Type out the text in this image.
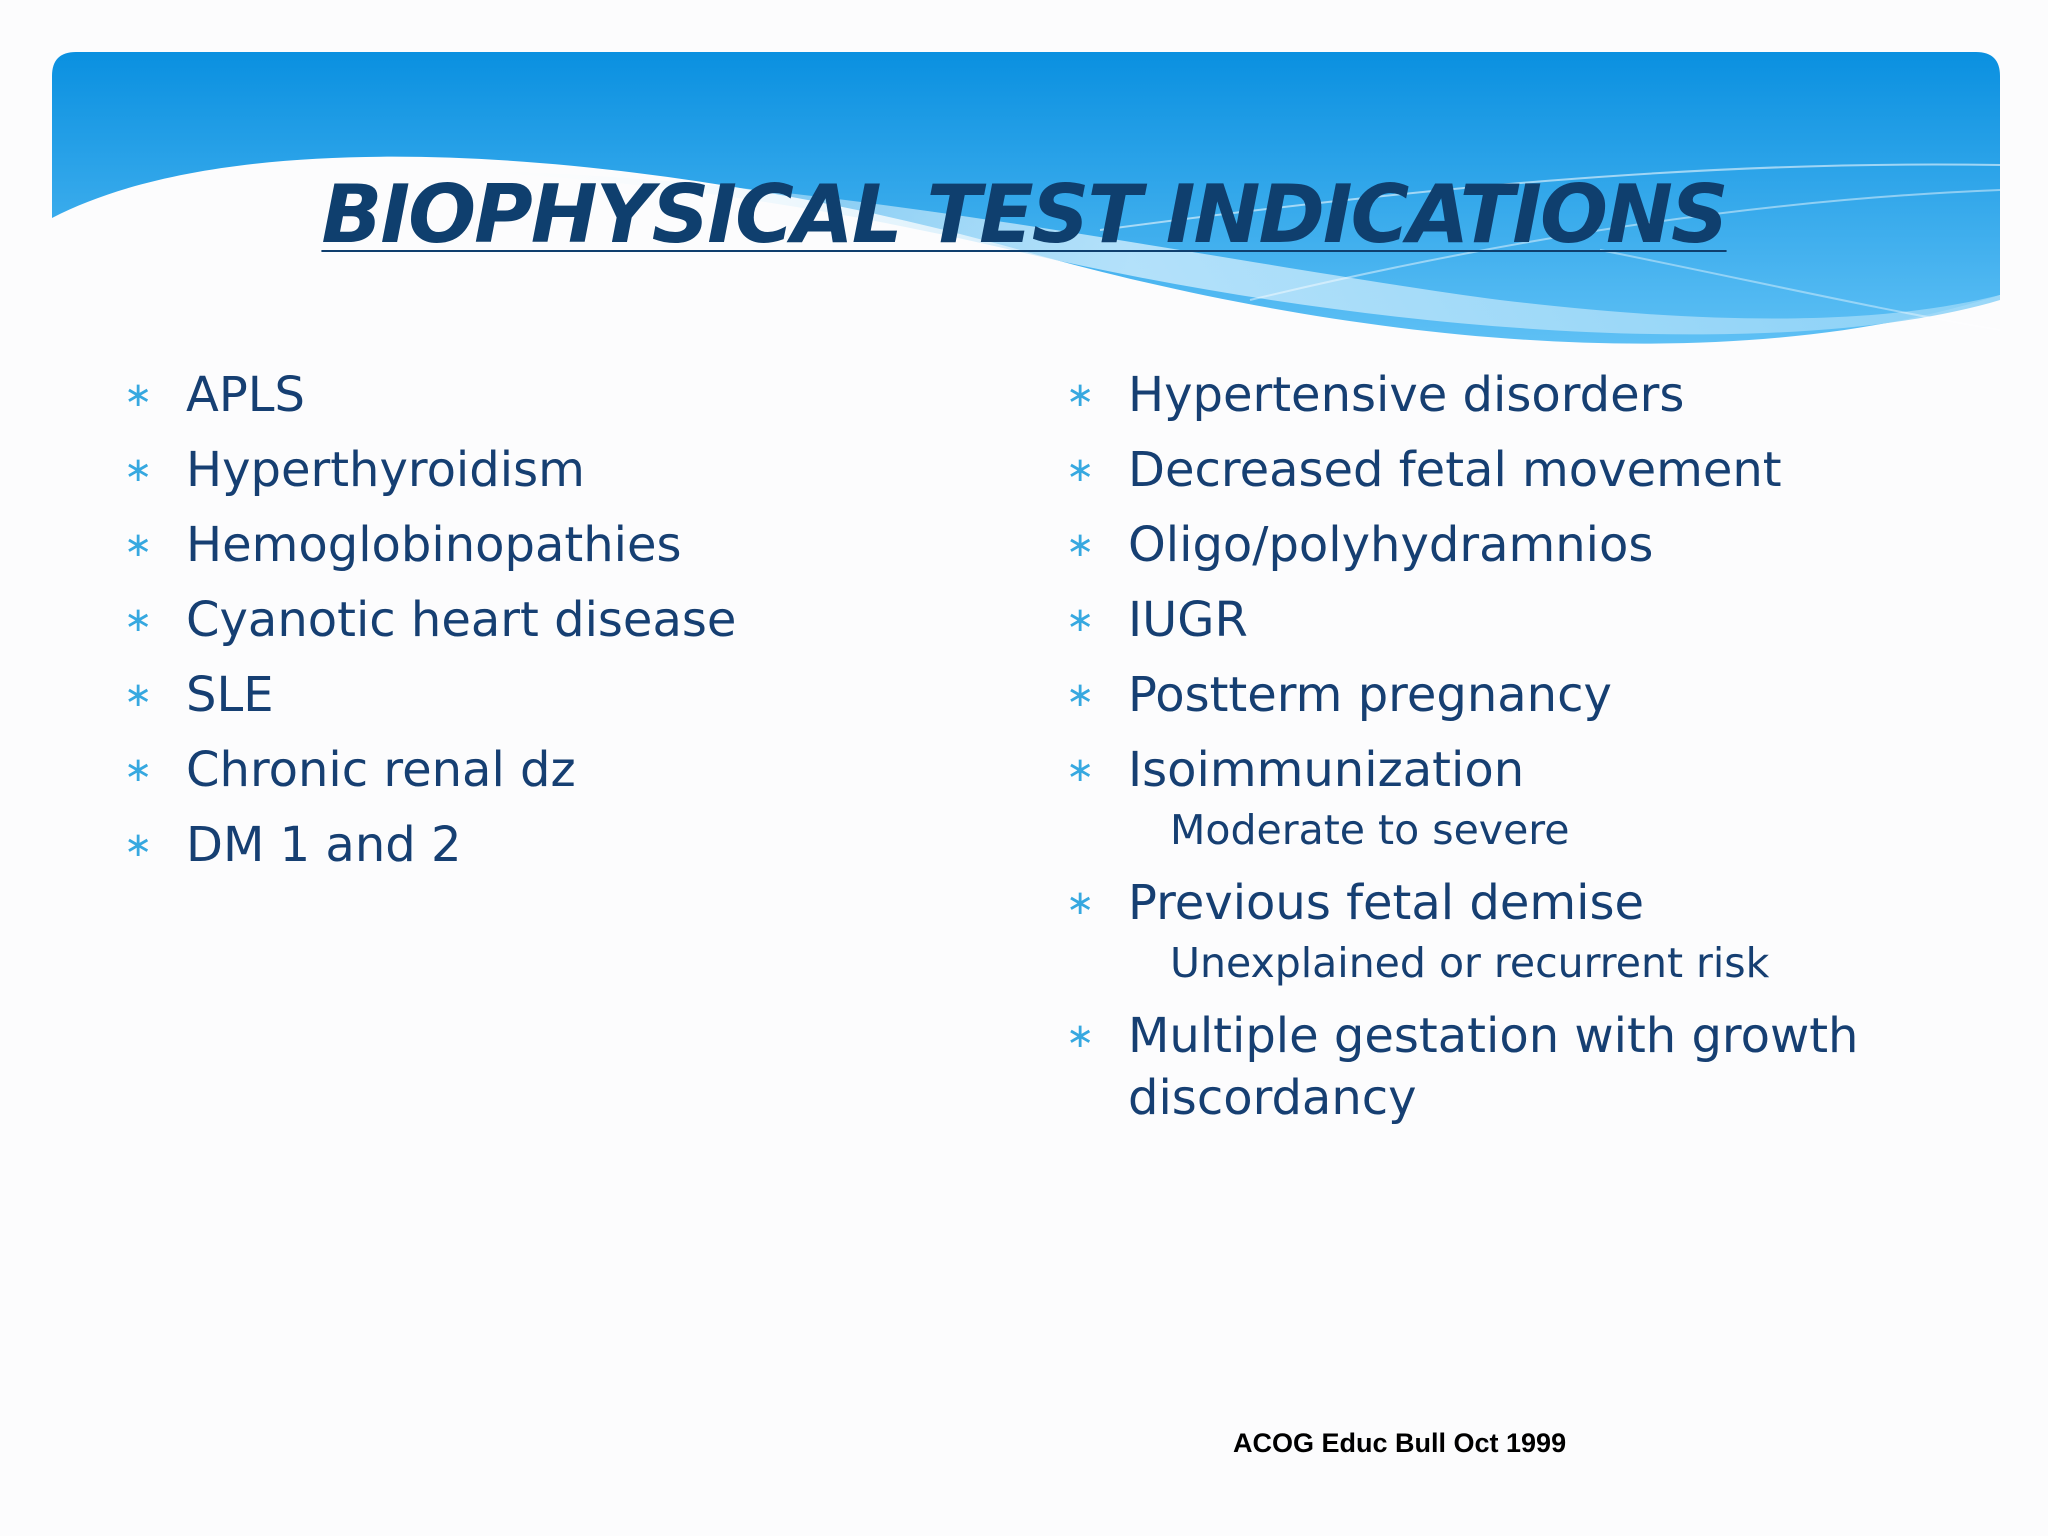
BIOPHYSICAL TEST INDICATIONS
∗ APLS
∗ Hyperthyroidism
∗ Hemoglobinopathies
∗ Cyanotic heart disease
∗ SLE
∗ Chronic renal dz
∗ DM 1 and 2
∗ Hypertensive disorders
∗ Decreased fetal movement
∗ Oligo/polyhydramnios
∗ IUGR
∗ Postterm pregnancy
∗ Isoimmunization
Moderate to severe
∗ Previous fetal demise
Unexplained or recurrent risk
∗ Multiple gestation with growth discordancy

ACOG Educ Bull Oct 1999
